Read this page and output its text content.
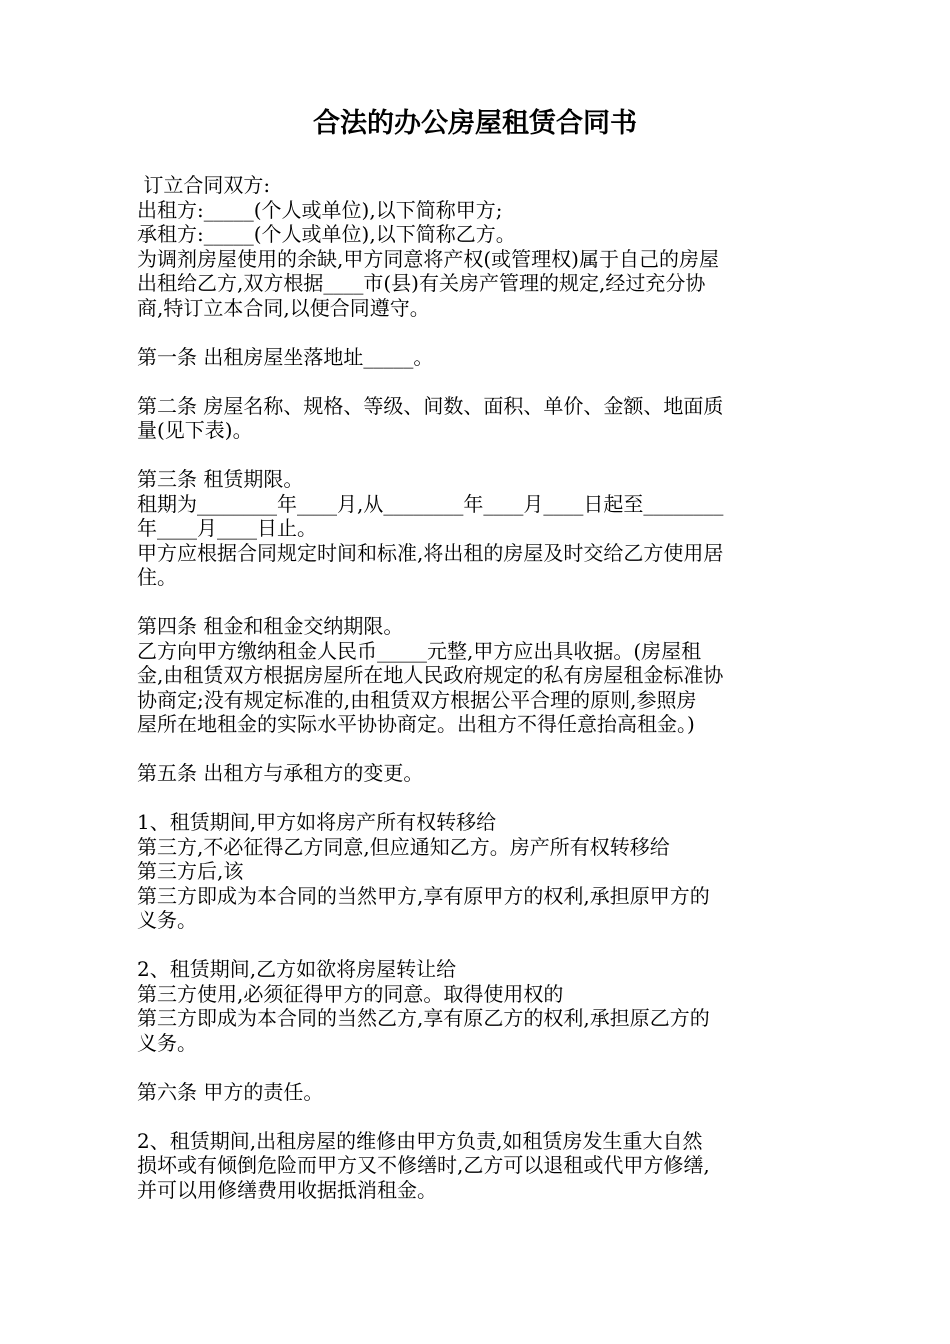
合法的办公房屋租赁合同书
订立合同双方:
出租方:_____(个人或单位),以下简称甲方;
承租方:_____(个人或单位),以下简称乙方。
为调剂房屋使用的余缺,甲方同意将产权(或管理权)属于自己的房屋
出租给乙方,双方根据____市(县)有关房产管理的规定,经过充分协
商,特订立本合同,以便合同遵守。
第一条 出租房屋坐落地址_____。
第二条 房屋名称、规格、等级、间数、面积、单价、金额、地面质
量(见下表)。
第三条 租赁期限。
租期为________年____月,从________年____月____日起至________
年____月____日止。
甲方应根据合同规定时间和标准,将出租的房屋及时交给乙方使用居
住。
第四条 租金和租金交纳期限。
乙方向甲方缴纳租金人民币_____元整,甲方应出具收据。(房屋租
金,由租赁双方根据房屋所在地人民政府规定的私有房屋租金标准协
协商定;没有规定标准的,由租赁双方根据公平合理的原则,参照房
屋所在地租金的实际水平协协商定。出租方不得任意抬高租金。)
第五条 出租方与承租方的变更。
1、租赁期间,甲方如将房产所有权转移给
第三方,不必征得乙方同意,但应通知乙方。房产所有权转移给
第三方后,该
第三方即成为本合同的当然甲方,享有原甲方的权利,承担原甲方的
义务。
2、租赁期间,乙方如欲将房屋转让给
第三方使用,必须征得甲方的同意。取得使用权的
第三方即成为本合同的当然乙方,享有原乙方的权利,承担原乙方的
义务。
第六条 甲方的责任。
2、租赁期间,出租房屋的维修由甲方负责,如租赁房发生重大自然
损坏或有倾倒危险而甲方又不修缮时,乙方可以退租或代甲方修缮,
并可以用修缮费用收据抵消租金。
